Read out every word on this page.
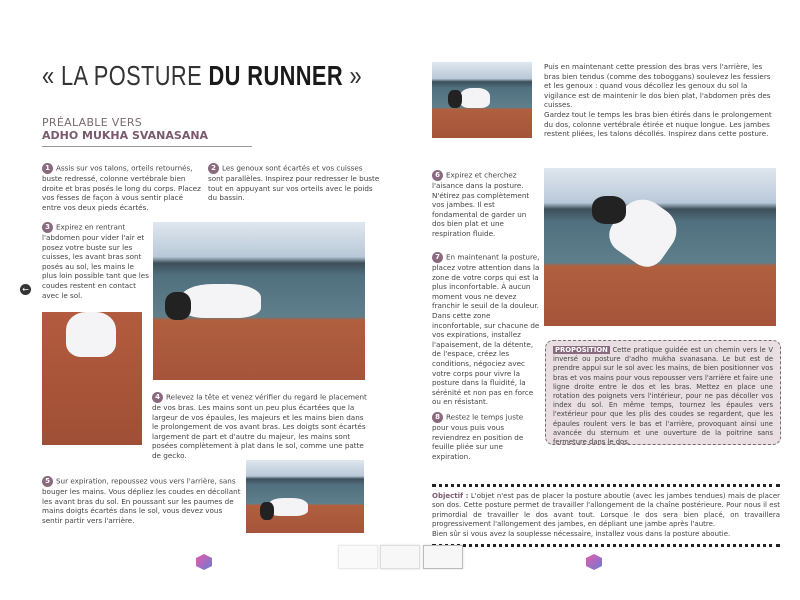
« LA POSTURE DU RUNNER »
PRÉALABLE VERS
ADHO MUKHA SVANASANA
1 Assis sur vos talons, orteils retournés, buste redressé, colonne vertébrale bien droite et bras posés le long du corps. Placez vos fesses de façon à vous sentir placé entre vos deux pieds écartés.
2 Les genoux sont écartés et vos cuisses sont parallèles. Inspirez pour redresser le buste tout en appuyant sur vos orteils avec le poids du bassin.
3 Expirez en rentrant l'abdomen pour vider l'air et posez votre buste sur les cuisses, les avant bras sont posés au sol, les mains le plus loin possible tant que les coudes restent en contact avec le sol.
4 Relevez la tête et venez vérifier du regard le placement de vos bras. Les mains sont un peu plus écartées que la largeur de vos épaules, les majeurs et les mains bien dans le prolongement de vos avant bras. Les doigts sont écartés largement de part et d'autre du majeur, les mains sont posées complètement à plat dans le sol, comme une patte de gecko.
5 Sur expiration, repoussez vous vers l'arrière, sans bouger les mains. Vous dépliez les coudes en décollant les avant bras du sol. En poussant sur les paumes de mains doigts écartés dans le sol, vous devez vous sentir partir vers l'arrière.
←
Puis en maintenant cette pression des bras vers l'arrière, les bras bien tendus (comme des toboggans) soulevez les fessiers et les genoux : quand vous décollez les genoux du sol la vigilance est de maintenir le dos bien plat, l'abdomen près des cuisses.
Gardez tout le temps les bras bien étirés dans le prolongement du dos, colonne vertébrale étirée et nuque longue. Les jambes restent pliées, les talons décollés. Inspirez dans cette posture.
6 Expirez et cherchez l'aisance dans la posture. N'étirez pas complètement vos jambes. Il est fondamental de garder un dos bien plat et une respiration fluide.
7 En maintenant la posture, placez votre attention dans la zone de votre corps qui est la plus inconfortable. À aucun moment vous ne devez franchir le seuil de la douleur. Dans cette zone inconfortable, sur chacune de vos expirations, installez l'apaisement, de la détente, de l'espace, créez les conditions, négociez avec votre corps pour vivre la posture dans la fluidité, la sérénité et non pas en force ou en résistant.
8 Restez le temps juste pour vous puis vous reviendrez en position de feuille pliée sur une expiration.
PROPOSITION Cette pratique guidée est un chemin vers le V inversé ou posture d'adho mukha svanasana. Le but est de prendre appui sur le sol avec les mains, de bien positionner vos bras et vos mains pour vous repousser vers l'arrière et faire une ligne droite entre le dos et les bras. Mettez en place une rotation des poignets vers l'intérieur, pour ne pas décoller vos index du sol. En même temps, tournez les épaules vers l'extérieur pour que les plis des coudes se regardent, que les épaules roulent vers le bas et l'arrière, provoquant ainsi une avancée du sternum et une ouverture de la poitrine sans fermeture dans le dos.
Objectif : L'objet n'est pas de placer la posture aboutie (avec les jambes tendues) mais de placer son dos. Cette posture permet de travailler l'allongement de la chaîne postérieure. Pour nous il est primordial de travailler le dos avant tout. Lorsque le dos sera bien placé, on travaillera progressivement l'allongement des jambes, en dépliant une jambe après l'autre.
Bien sûr si vous avez la souplesse nécessaire, installez vous dans la posture aboutie.
